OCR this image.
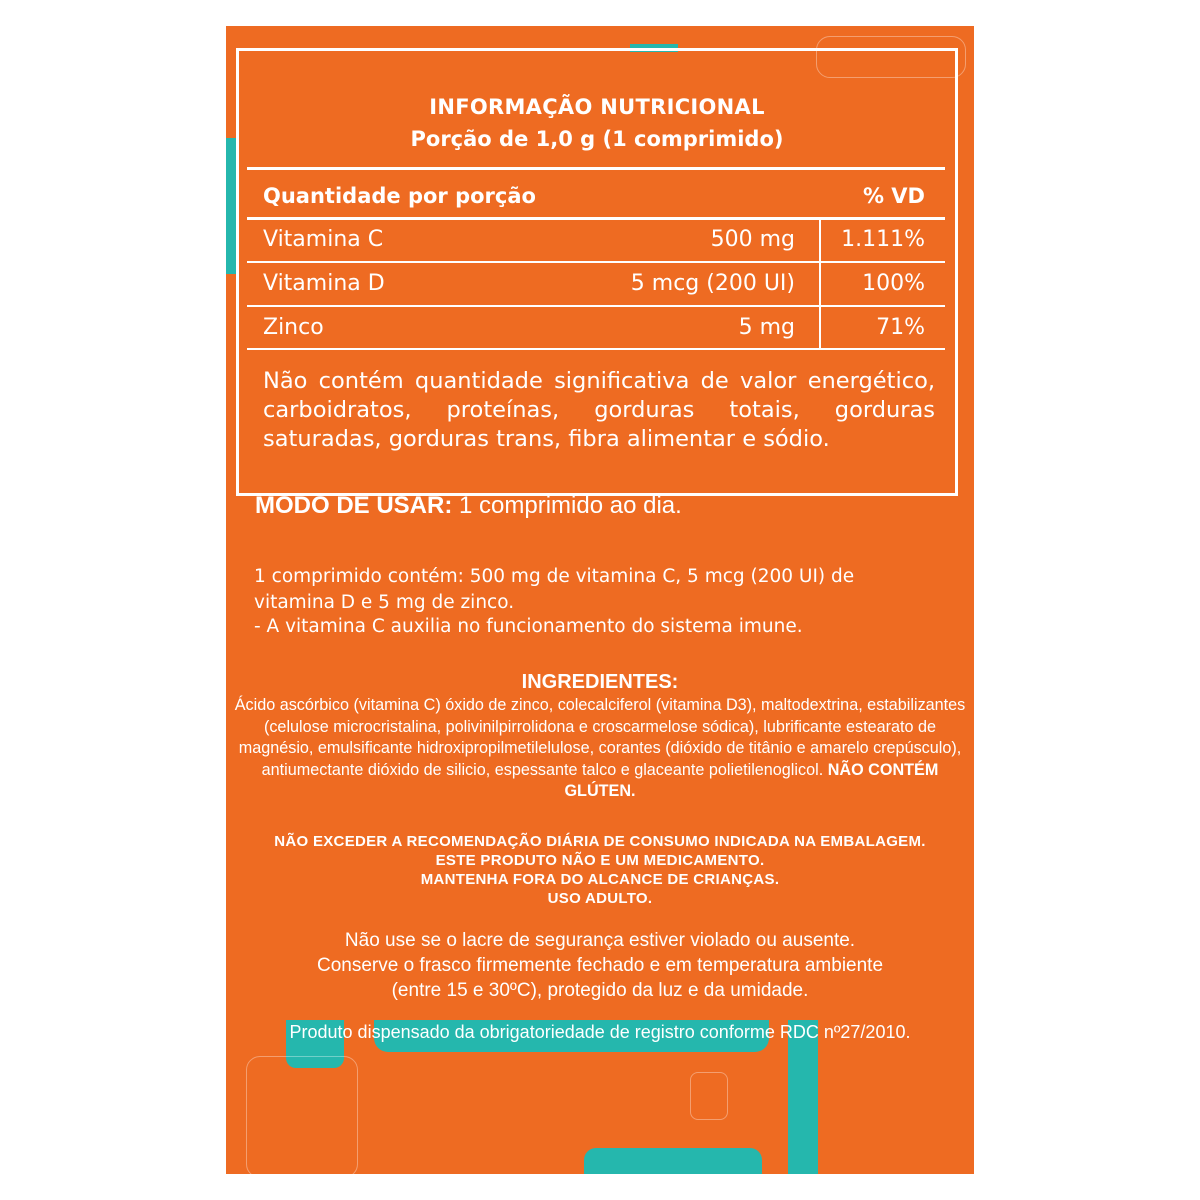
INFORMAÇÃO NUTRICIONAL
Porção de 1,0 g (1 comprimido)
Quantidade por porção	% VD
Vitamina C	500 mg 1.111%
Vitamina D	5 mcg (200 UI)	100%
Zinco	5 mg	71%
Não contém quantidade significativa de valor energético, carboidratos, proteínas, gorduras totais, gorduras saturadas, gorduras trans, fibra alimentar e sódio.
MODO DE USAR: 1 comprimido ao dia.
1 comprimido contém: 500 mg de vitamina C, 5 mcg (200 UI) de vitamina D e 5 mg de zinco.
- A vitamina C auxilia no funcionamento do sistema imune.
INGREDIENTES:
Ácido ascórbico (vitamina C) óxido de zinco, colecalciferol (vitamina D3), maltodextrina, estabilizantes (celulose microcristalina, polivinilpirrolidona e croscarmelose sódica), lubrificante estearato de magnésio, emulsificante hidroxipropilmetilelulose, corantes (dióxido de titânio e amarelo crepúsculo), antiumectante dióxido de silicio, espessante talco e glaceante polietilenoglicol. NÃO CONTÉM GLÚTEN.
NÃO EXCEDER A RECOMENDAÇÃO DIÁRIA DE CONSUMO INDICADA NA EMBALAGEM.
ESTE PRODUTO NÃO E UM MEDICAMENTO.
MANTENHA FORA DO ALCANCE DE CRIANÇAS.
USO ADULTO.
Não use se o lacre de segurança estiver violado ou ausente.
Conserve o frasco firmemente fechado e em temperatura ambiente
(entre 15 e 30ºC), protegido da luz e da umidade.
Produto dispensado da obrigatoriedade de registro conforme RDC nº27/2010.
